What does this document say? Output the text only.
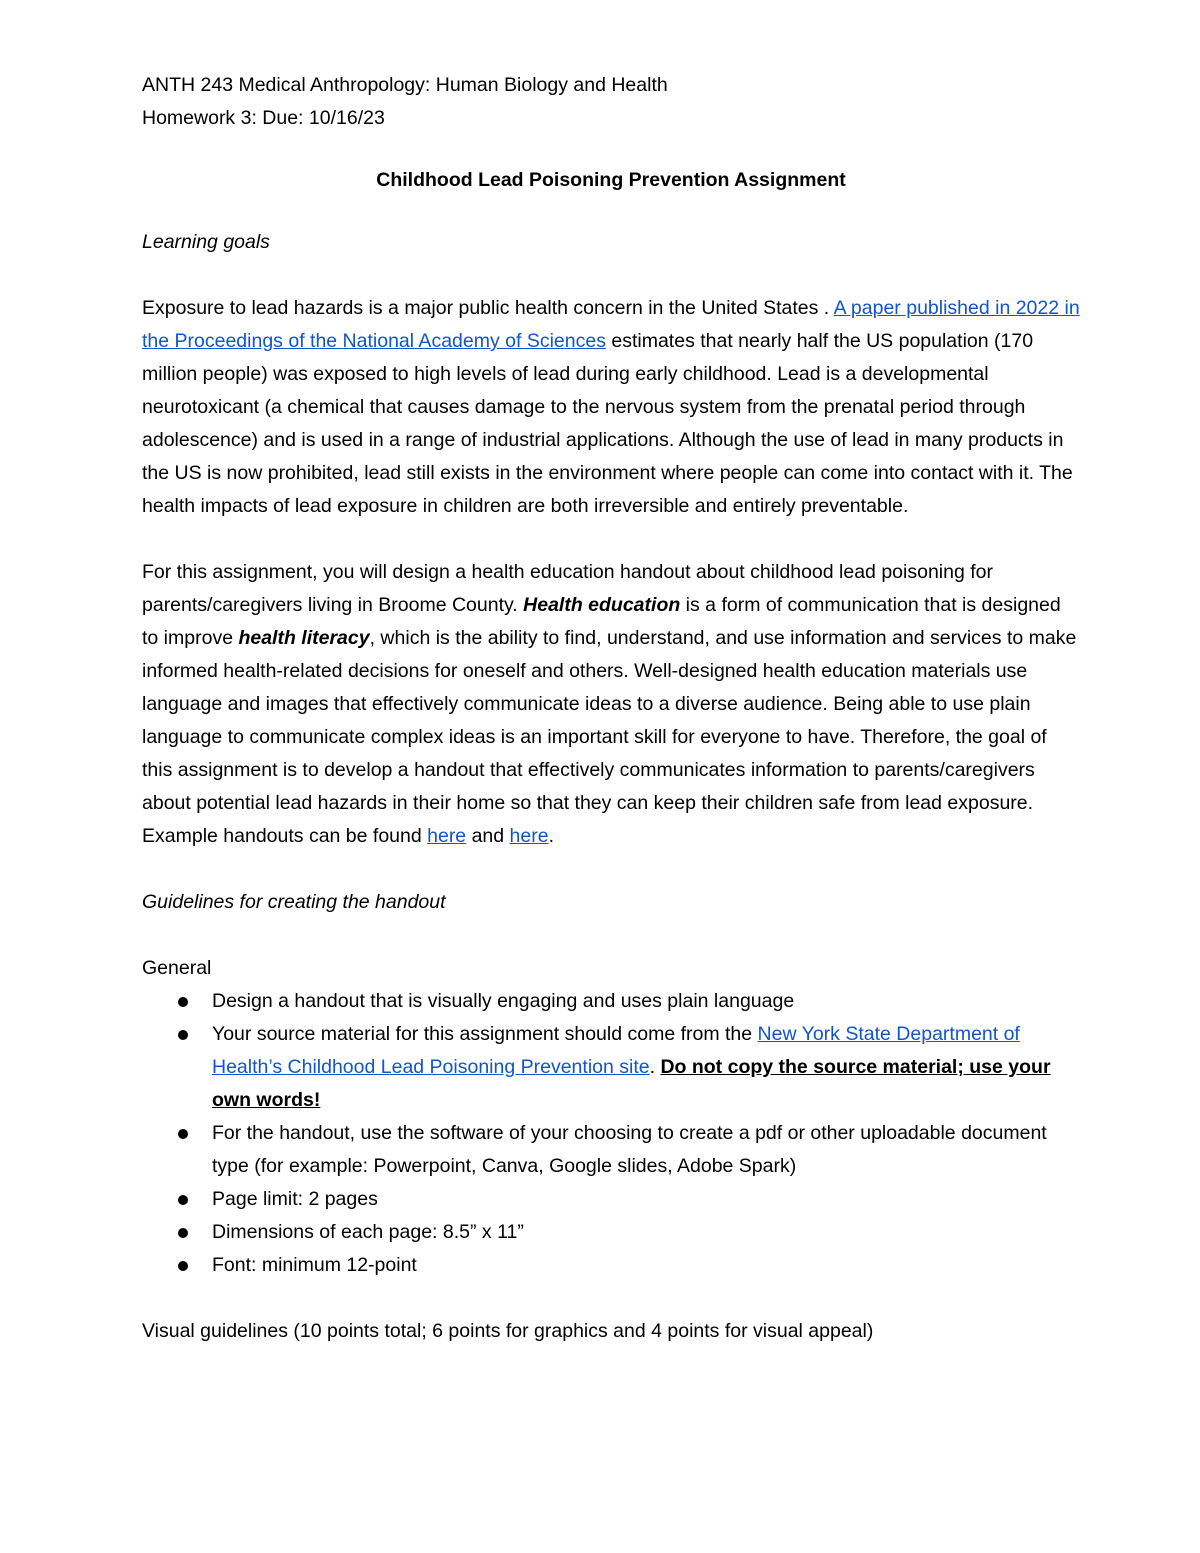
ANTH 243 Medical Anthropology: Human Biology and Health

Homework 3: Due: 10/16/23

Childhood Lead Poisoning Prevention Assignment

Learning goals

Exposure to lead hazards is a major public health concern in the United States . A paper published in 2022 in the Proceedings of the National Academy of Sciences estimates that nearly half the US population (170 million people) was exposed to high levels of lead during early childhood. Lead is a developmental neurotoxicant (a chemical that causes damage to the nervous system from the prenatal period through adolescence) and is used in a range of industrial applications. Although the use of lead in many products in the US is now prohibited, lead still exists in the environment where people can come into contact with it. The health impacts of lead exposure in children are both irreversible and entirely preventable.

For this assignment, you will design a health education handout about childhood lead poisoning for parents/caregivers living in Broome County. Health education is a form of communication that is designed to improve health literacy, which is the ability to find, understand, and use information and services to make informed health-related decisions for oneself and others. Well-designed health education materials use language and images that effectively communicate ideas to a diverse audience. Being able to use plain language to communicate complex ideas is an important skill for everyone to have. Therefore, the goal of this assignment is to develop a handout that effectively communicates information to parents/caregivers about potential lead hazards in their home so that they can keep their children safe from lead exposure. Example handouts can be found here and here.

Guidelines for creating the handout

General

Design a handout that is visually engaging and uses plain language
Your source material for this assignment should come from the New York State Department of Health’s Childhood Lead Poisoning Prevention site. Do not copy the source material; use your own words!
For the handout, use the software of your choosing to create a pdf or other uploadable document type (for example: Powerpoint, Canva, Google slides, Adobe Spark)
Page limit: 2 pages
Dimensions of each page: 8.5” x 11”
Font: minimum 12-point

Visual guidelines (10 points total; 6 points for graphics and 4 points for visual appeal)
